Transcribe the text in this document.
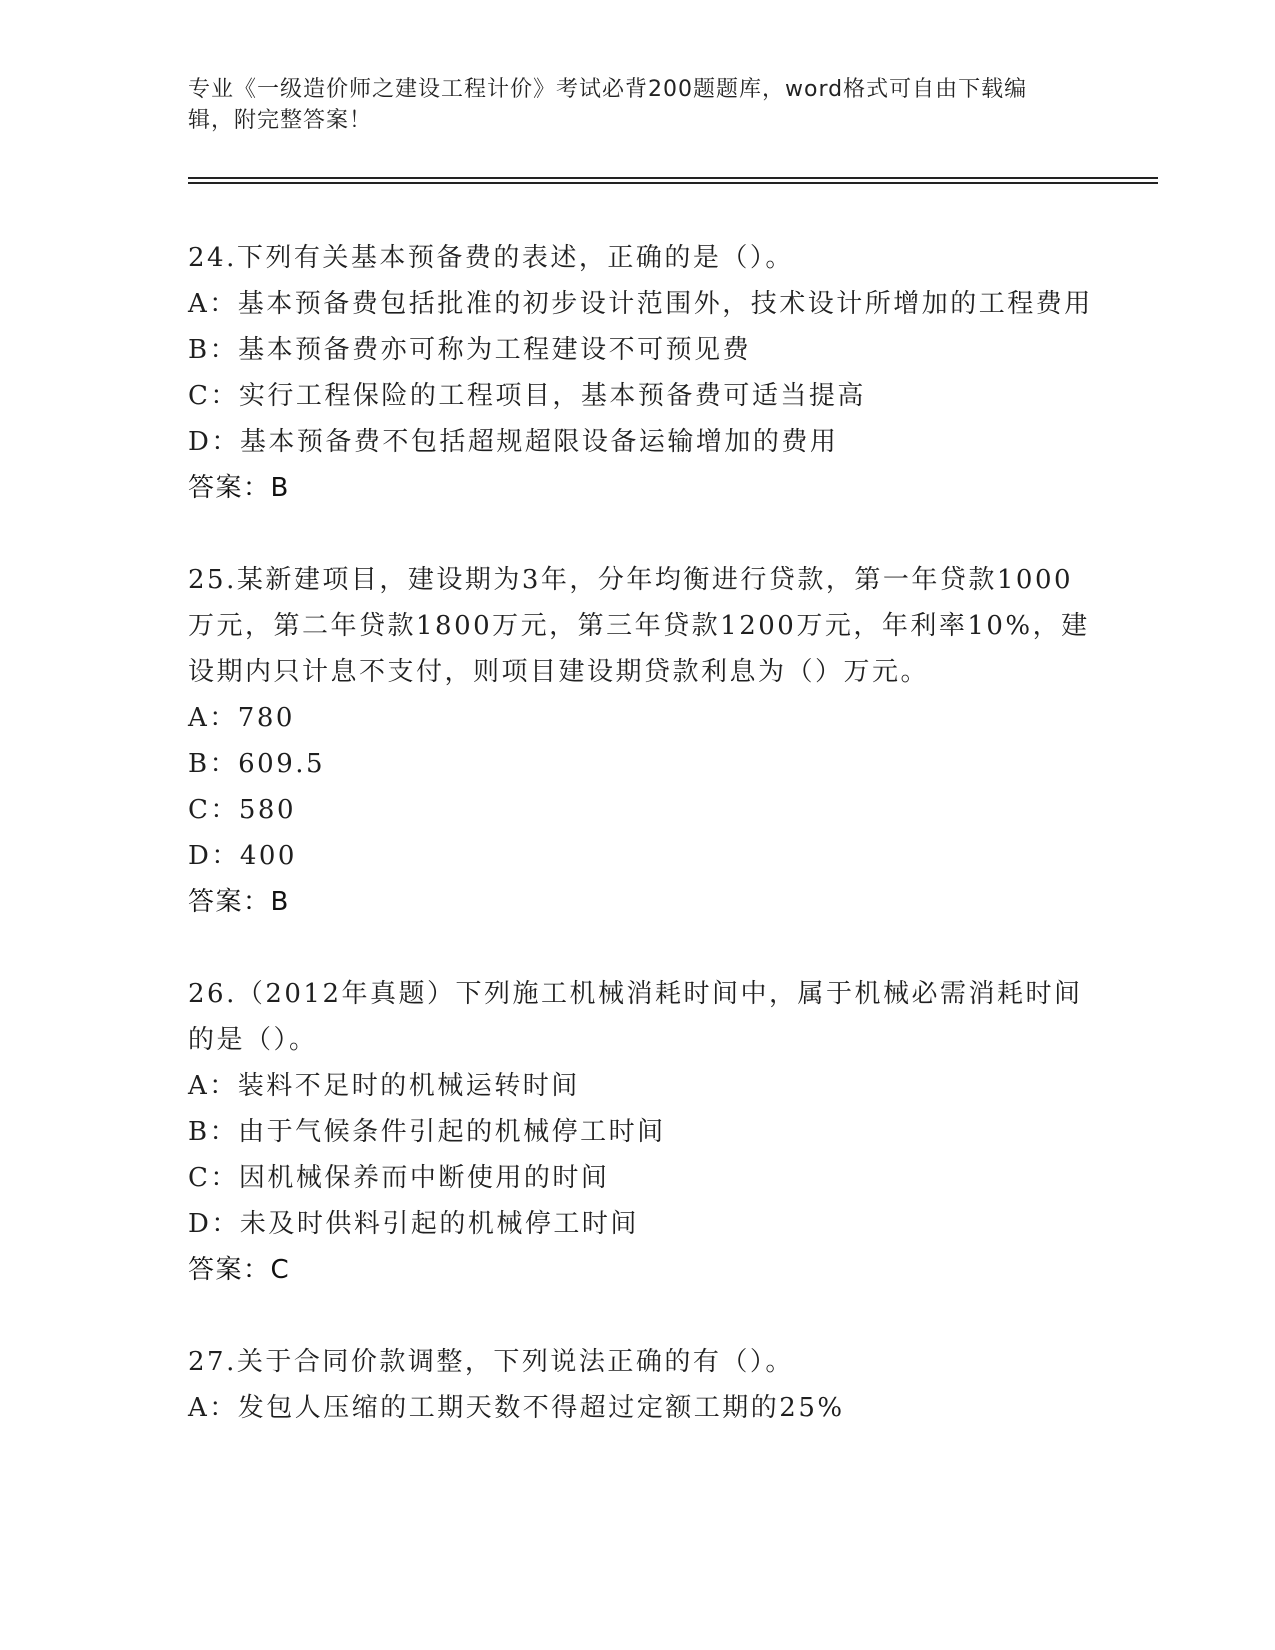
专业《一级造价师之建设工程计价》考试必背200题题库，word格式可自由下载编辑，附完整答案！
24.下列有关基本预备费的表述，正确的是（）。
A：基本预备费包括批准的初步设计范围外，技术设计所增加的工程费用
B：基本预备费亦可称为工程建设不可预见费
C：实行工程保险的工程项目，基本预备费可适当提高
D：基本预备费不包括超规超限设备运输增加的费用
答案：B
25.某新建项目，建设期为3年，分年均衡进行贷款，第一年贷款1000万元，第二年贷款1800万元，第三年贷款1200万元，年利率10%，建设期内只计息不支付，则项目建设期贷款利息为（）万元。
A：780
B：609.5
C：580
D：400
答案：B
26.（2012年真题）下列施工机械消耗时间中，属于机械必需消耗时间的是（）。
A：装料不足时的机械运转时间
B：由于气候条件引起的机械停工时间
C：因机械保养而中断使用的时间
D：未及时供料引起的机械停工时间
答案：C
27.关于合同价款调整，下列说法正确的有（）。
A：发包人压缩的工期天数不得超过定额工期的25%
